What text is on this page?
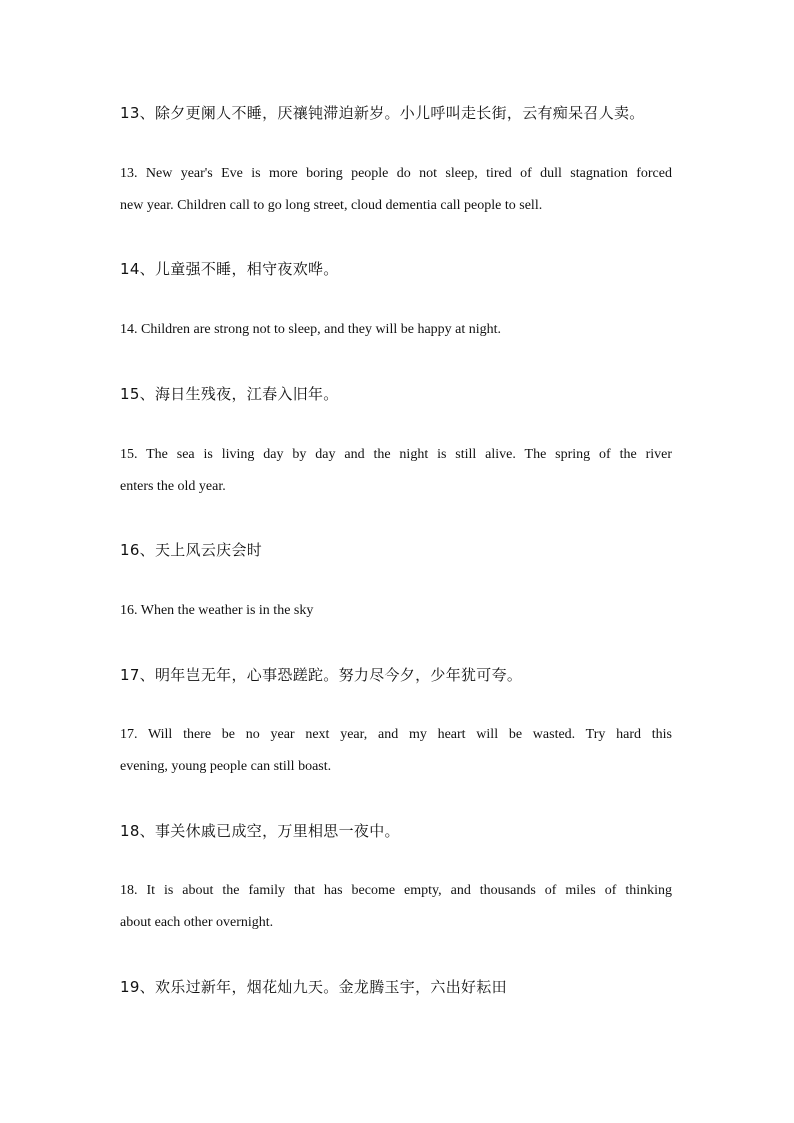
13、除夕更阑人不睡，厌禳钝滞迫新岁。小儿呼叫走长街，云有痴呆召人卖。
13. New year's Eve is more boring people do not sleep, tired of dull stagnation forced
new year. Children call to go long street, cloud dementia call people to sell.
14、儿童强不睡，相守夜欢哗。
14. Children are strong not to sleep, and they will be happy at night.
15、海日生残夜，江春入旧年。
15. The sea is living day by day and the night is still alive. The spring of the river
enters the old year.
16、天上风云庆会时
16. When the weather is in the sky
17、明年岂无年，心事恐蹉跎。努力尽今夕，少年犹可夸。
17. Will there be no year next year, and my heart will be wasted. Try hard this
evening, young people can still boast.
18、事关休戚已成空，万里相思一夜中。
18. It is about the family that has become empty, and thousands of miles of thinking
about each other overnight.
19、欢乐过新年，烟花灿九天。金龙腾玉宇，六出好耘田
